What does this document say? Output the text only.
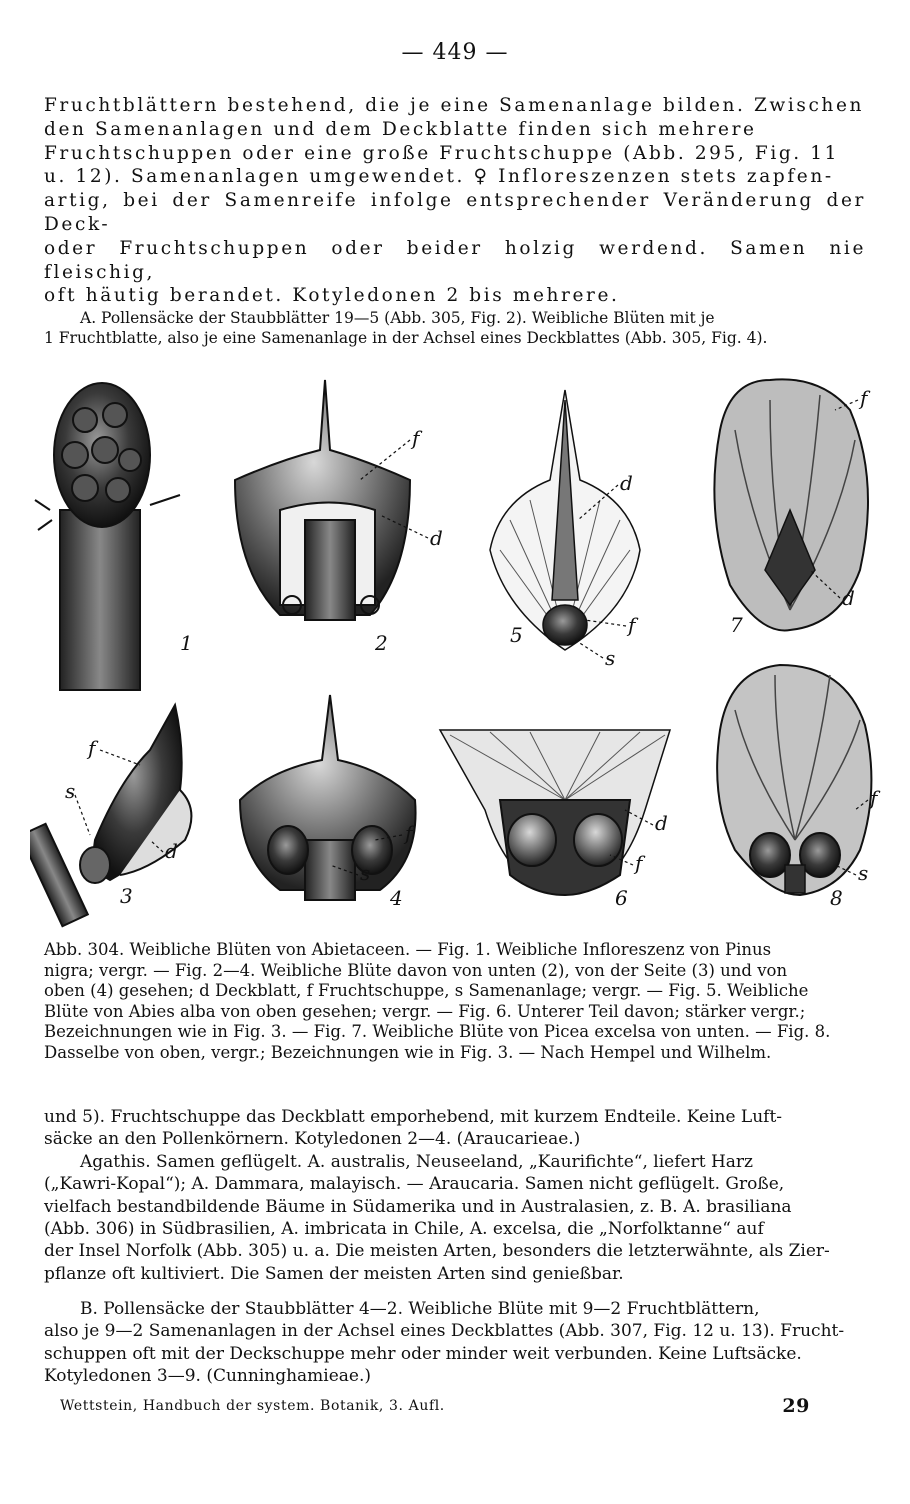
— 449 —

Fruchtblättern bestehend, die je eine Samenanlage bilden. Zwischen

den Samenanlagen und dem Deckblatte finden sich mehrere

Fruchtschuppen oder eine große Fruchtschuppe (Abb. 295, Fig. 11

u. 12). Samenanlagen umgewendet. ♀ Infloreszenzen stets zapfen-

artig, bei der Samenreife infolge entsprechender Veränderung der Deck-

oder Fruchtschuppen oder beider holzig werdend. Samen nie fleischig,

oft häutig berandet. Kotyledonen 2 bis mehrere.

A. Pollensäcke der Staubblätter 19—5 (Abb. 305, Fig. 2). Weibliche Blüten mit je

1 Fruchtblatte, also je eine Samenanlage in der Achsel eines Deckblattes (Abb. 305, Fig. 4).

1	2
3	4
5
6
7
8
f
d
d
f
s
f
d
f
s
d
f
s
d
f
f
s

Abb. 304. Weibliche Blüten von Abietaceen. — Fig. 1. Weibliche Infloreszenz von Pinus

nigra; vergr. — Fig. 2—4. Weibliche Blüte davon von unten (2), von der Seite (3) und von

oben (4) gesehen; d Deckblatt, f Fruchtschuppe, s Samenanlage; vergr. — Fig. 5. Weibliche

Blüte von Abies alba von oben gesehen; vergr. — Fig. 6. Unterer Teil davon; stärker vergr.;

Bezeichnungen wie in Fig. 3. — Fig. 7. Weibliche Blüte von Picea excelsa von unten. — Fig. 8.

Dasselbe von oben, vergr.; Bezeichnungen wie in Fig. 3. — Nach Hempel und Wilhelm.

und 5). Fruchtschuppe das Deckblatt emporhebend, mit kurzem Endteile. Keine Luft-

säcke an den Pollenkörnern. Kotyledonen 2—4. (Araucarieae.)

Agathis. Samen geflügelt. A. australis, Neuseeland, „Kaurifichte“, liefert Harz

(„Kawri-Kopal“); A. Dammara, malayisch. — Araucaria. Samen nicht geflügelt. Große,

vielfach bestandbildende Bäume in Südamerika und in Australasien, z. B. A. brasiliana

(Abb. 306) in Südbrasilien, A. imbricata in Chile, A. excelsa, die „Norfolktanne“ auf

der Insel Norfolk (Abb. 305) u. a. Die meisten Arten, besonders die letzterwähnte, als Zier-

pflanze oft kultiviert. Die Samen der meisten Arten sind genießbar.

B. Pollensäcke der Staubblätter 4—2. Weibliche Blüte mit 9—2 Fruchtblättern,

also je 9—2 Samenanlagen in der Achsel eines Deckblattes (Abb. 307, Fig. 12 u. 13). Frucht-

schuppen oft mit der Deckschuppe mehr oder minder weit verbunden. Keine Luftsäcke.

Kotyledonen 3—9. (Cunninghamieae.)

Wettstein, Handbuch der system. Botanik, 3. Aufl.	29
